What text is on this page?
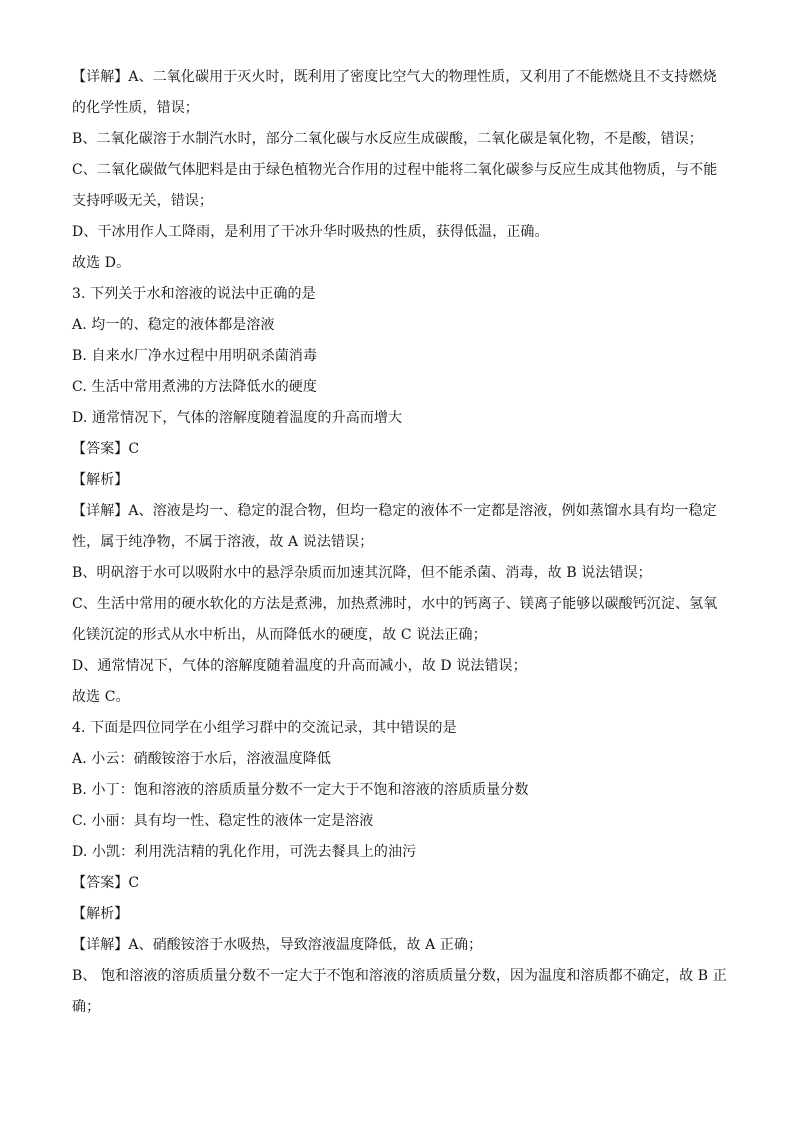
【详解】A、二氧化碳用于灭火时，既利用了密度比空气大的物理性质，又利用了不能燃烧且不支持燃烧
的化学性质，错误；
B、二氧化碳溶于水制汽水时，部分二氧化碳与水反应生成碳酸，二氧化碳是氧化物，不是酸，错误；
C、二氧化碳做气体肥料是由于绿色植物光合作用的过程中能将二氧化碳参与反应生成其他物质，与不能
支持呼吸无关，错误；
D、干冰用作人工降雨，是利用了干冰升华时吸热的性质，获得低温，正确。
故选 D。
3. 下列关于水和溶液的说法中正确的是
A. 均一的、稳定的液体都是溶液
B. 自来水厂净水过程中用明矾杀菌消毒
C. 生活中常用煮沸的方法降低水的硬度
D. 通常情况下，气体的溶解度随着温度的升高而增大
【答案】C
【解析】
【详解】A、溶液是均一、稳定的混合物，但均一稳定的液体不一定都是溶液，例如蒸馏水具有均一稳定
性，属于纯净物，不属于溶液，故 A 说法错误；
B、明矾溶于水可以吸附水中的悬浮杂质而加速其沉降，但不能杀菌、消毒，故 B 说法错误；
C、生活中常用的硬水软化的方法是煮沸，加热煮沸时，水中的钙离子、镁离子能够以碳酸钙沉淀、氢氧
化镁沉淀的形式从水中析出，从而降低水的硬度，故 C 说法正确；
D、通常情况下，气体的溶解度随着温度的升高而减小，故 D 说法错误；
故选 C。
4. 下面是四位同学在小组学习群中的交流记录，其中错误的是
A. 小云：硝酸铵溶于水后，溶液温度降低
B. 小丁：饱和溶液的溶质质量分数不一定大于不饱和溶液的溶质质量分数
C. 小丽：具有均一性、稳定性的液体一定是溶液
D. 小凯：利用洗洁精的乳化作用，可洗去餐具上的油污
【答案】C
【解析】
【详解】A、硝酸铵溶于水吸热，导致溶液温度降低，故 A 正确；
B、 饱和溶液的溶质质量分数不一定大于不饱和溶液的溶质质量分数，因为温度和溶质都不确定，故 B 正
确；
